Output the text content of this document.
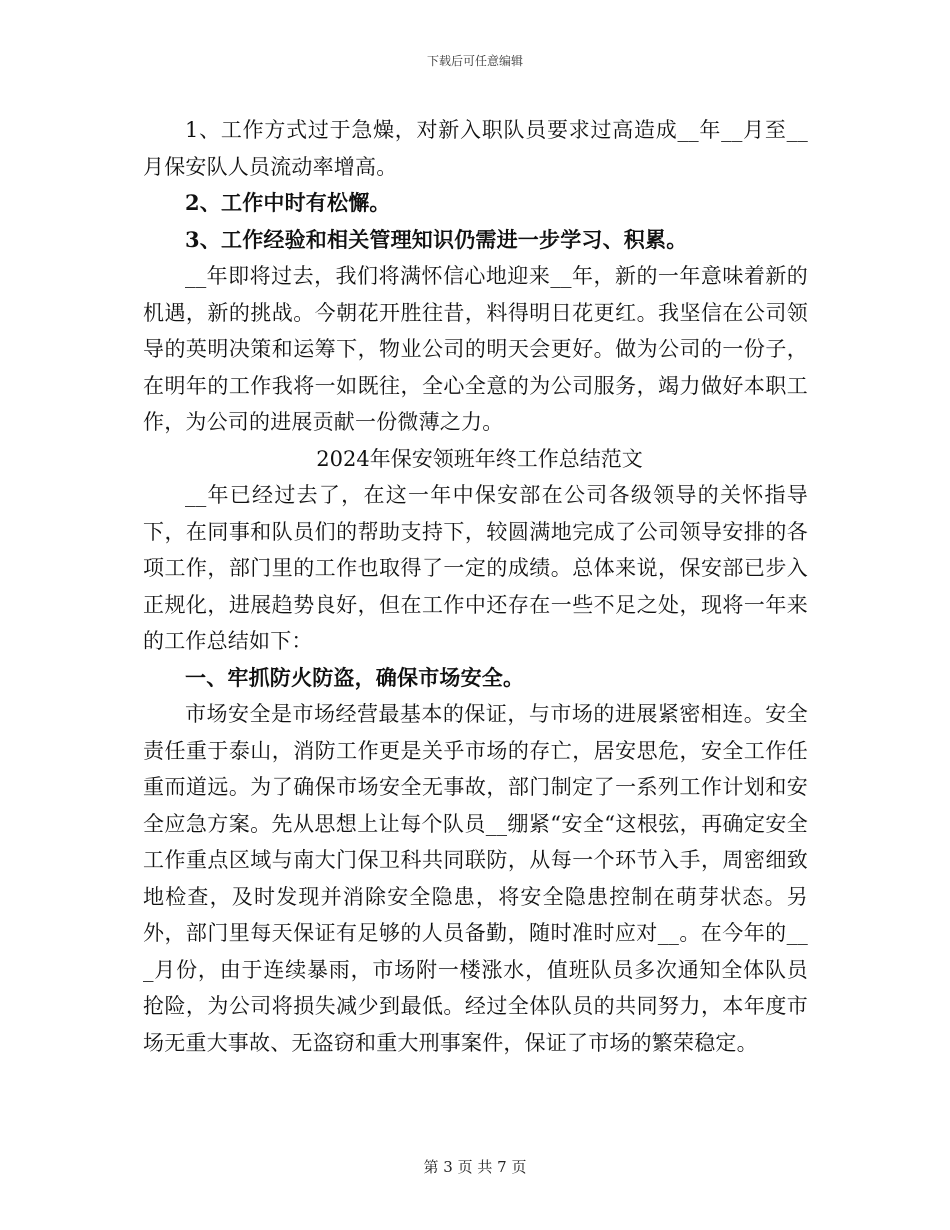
下载后可任意编辑

1、工作方式过于急燥，对新入职队员要求过高造成__年__月至__月保安队人员流动率增高。

2、工作中时有松懈。

3、工作经验和相关管理知识仍需进一步学习、积累。

__年即将过去，我们将满怀信心地迎来__年，新的一年意味着新的机遇，新的挑战。今朝花开胜往昔，料得明日花更红。我坚信在公司领导的英明决策和运筹下，物业公司的明天会更好。做为公司的一份子，在明年的工作我将一如既往，全心全意的为公司服务，竭力做好本职工作，为公司的进展贡献一份微薄之力。

2024年保安领班年终工作总结范文

__年已经过去了，在这一年中保安部在公司各级领导的关怀指导下，在同事和队员们的帮助支持下，较圆满地完成了公司领导安排的各项工作，部门里的工作也取得了一定的成绩。总体来说，保安部已步入正规化，进展趋势良好，但在工作中还存在一些不足之处，现将一年来的工作总结如下：

一、牢抓防火防盗，确保市场安全。

市场安全是市场经营最基本的保证，与市场的进展紧密相连。安全责任重于泰山，消防工作更是关乎市场的存亡，居安思危，安全工作任重而道远。为了确保市场安全无事故，部门制定了一系列工作计划和安全应急方案。先从思想上让每个队员__绷紧“安全“这根弦，再确定安全工作重点区域与南大门保卫科共同联防，从每一个环节入手，周密细致地检查，及时发现并消除安全隐患，将安全隐患控制在萌芽状态。另外，部门里每天保证有足够的人员备勤，随时准时应对__。在今年的___月份，由于连续暴雨，市场附一楼涨水，值班队员多次通知全体队员抢险，为公司将损失减少到最低。经过全体队员的共同努力，本年度市场无重大事故、无盗窃和重大刑事案件，保证了市场的繁荣稳定。

第 3 页 共 7 页
